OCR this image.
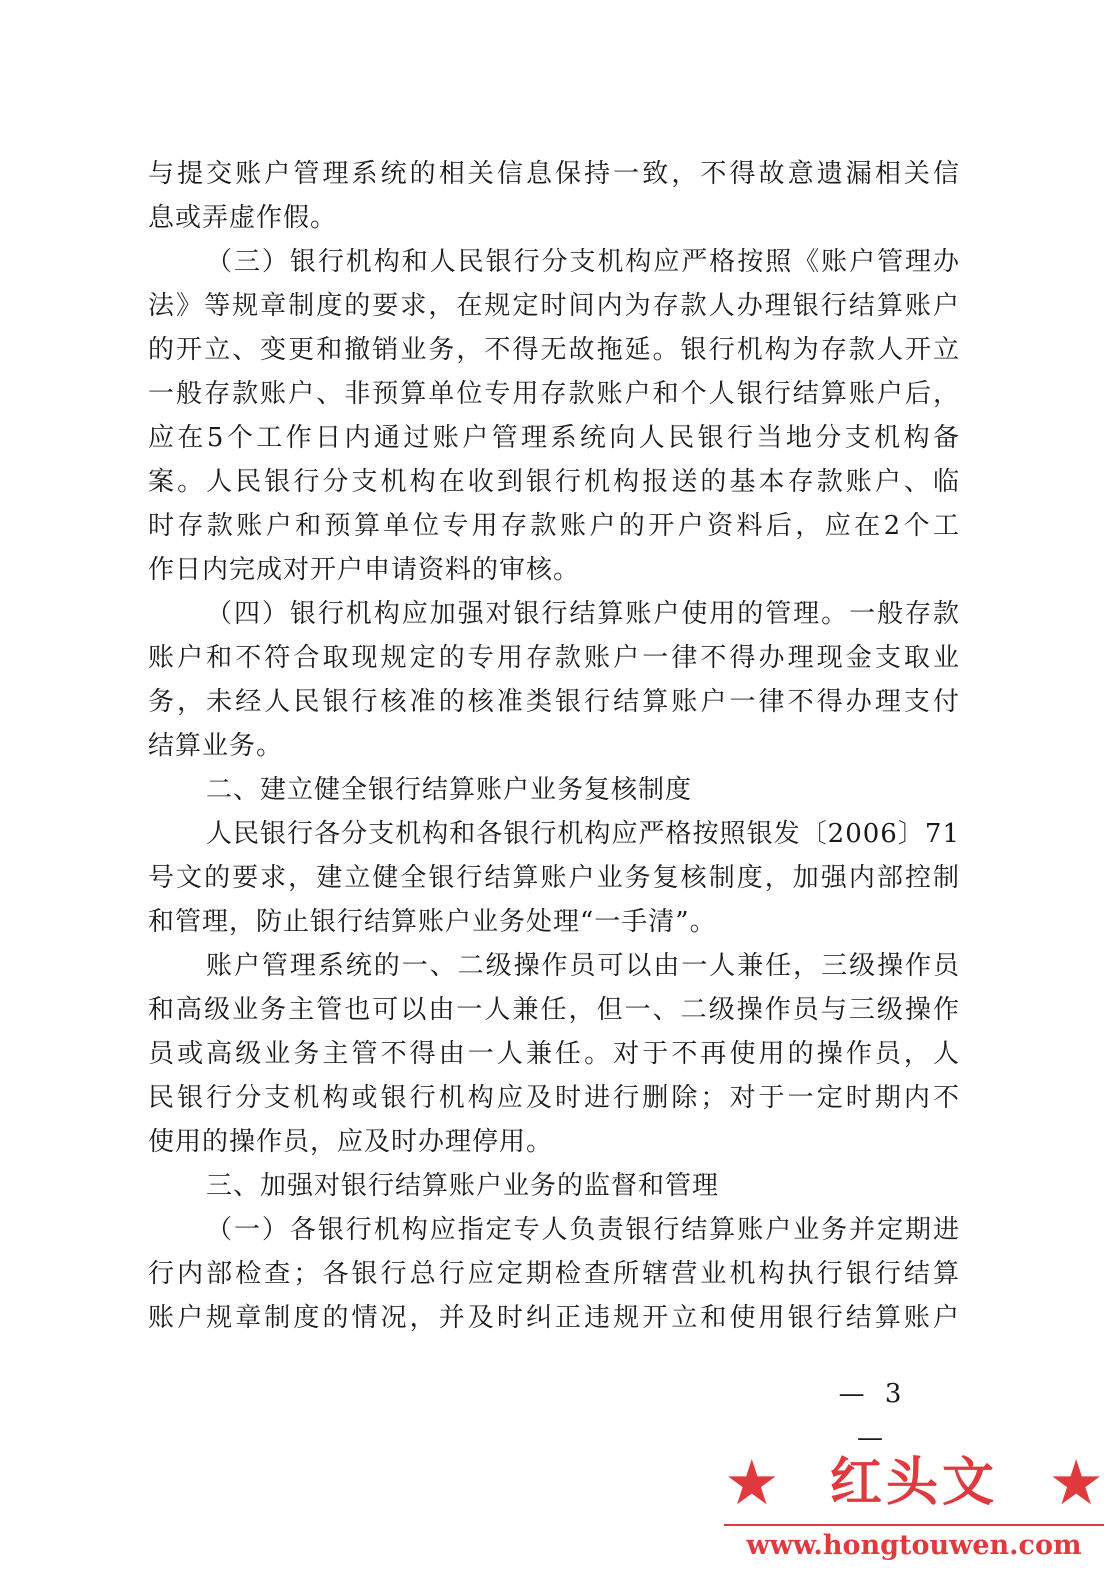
与提交账户管理系统的相关信息保持一致，不得故意遗漏相关信
息或弄虚作假。
（三）银行机构和人民银行分支机构应严格按照《账户管理办
法》等规章制度的要求，在规定时间内为存款人办理银行结算账户
的开立、变更和撤销业务，不得无故拖延。银行机构为存款人开立
一般存款账户、非预算单位专用存款账户和个人银行结算账户后，
应在5个工作日内通过账户管理系统向人民银行当地分支机构备
案。人民银行分支机构在收到银行机构报送的基本存款账户、临
时存款账户和预算单位专用存款账户的开户资料后，应在2个工
作日内完成对开户申请资料的审核。
（四）银行机构应加强对银行结算账户使用的管理。一般存款
账户和不符合取现规定的专用存款账户一律不得办理现金支取业
务，未经人民银行核准的核准类银行结算账户一律不得办理支付
结算业务。
二、建立健全银行结算账户业务复核制度
人民银行各分支机构和各银行机构应严格按照银发〔2006〕71
号文的要求，建立健全银行结算账户业务复核制度，加强内部控制
和管理，防止银行结算账户业务处理“一手清”。
账户管理系统的一、二级操作员可以由一人兼任，三级操作员
和高级业务主管也可以由一人兼任，但一、二级操作员与三级操作
员或高级业务主管不得由一人兼任。对于不再使用的操作员，人
民银行分支机构或银行机构应及时进行删除；对于一定时期内不
使用的操作员，应及时办理停用。
三、加强对银行结算账户业务的监督和管理
（一）各银行机构应指定专人负责银行结算账户业务并定期进
行内部检查；各银行总行应定期检查所辖营业机构执行银行结算
账户规章制度的情况，并及时纠正违规开立和使用银行结算账户
— 3 —
★ 红头文 ★
www.hongtouwen.com
